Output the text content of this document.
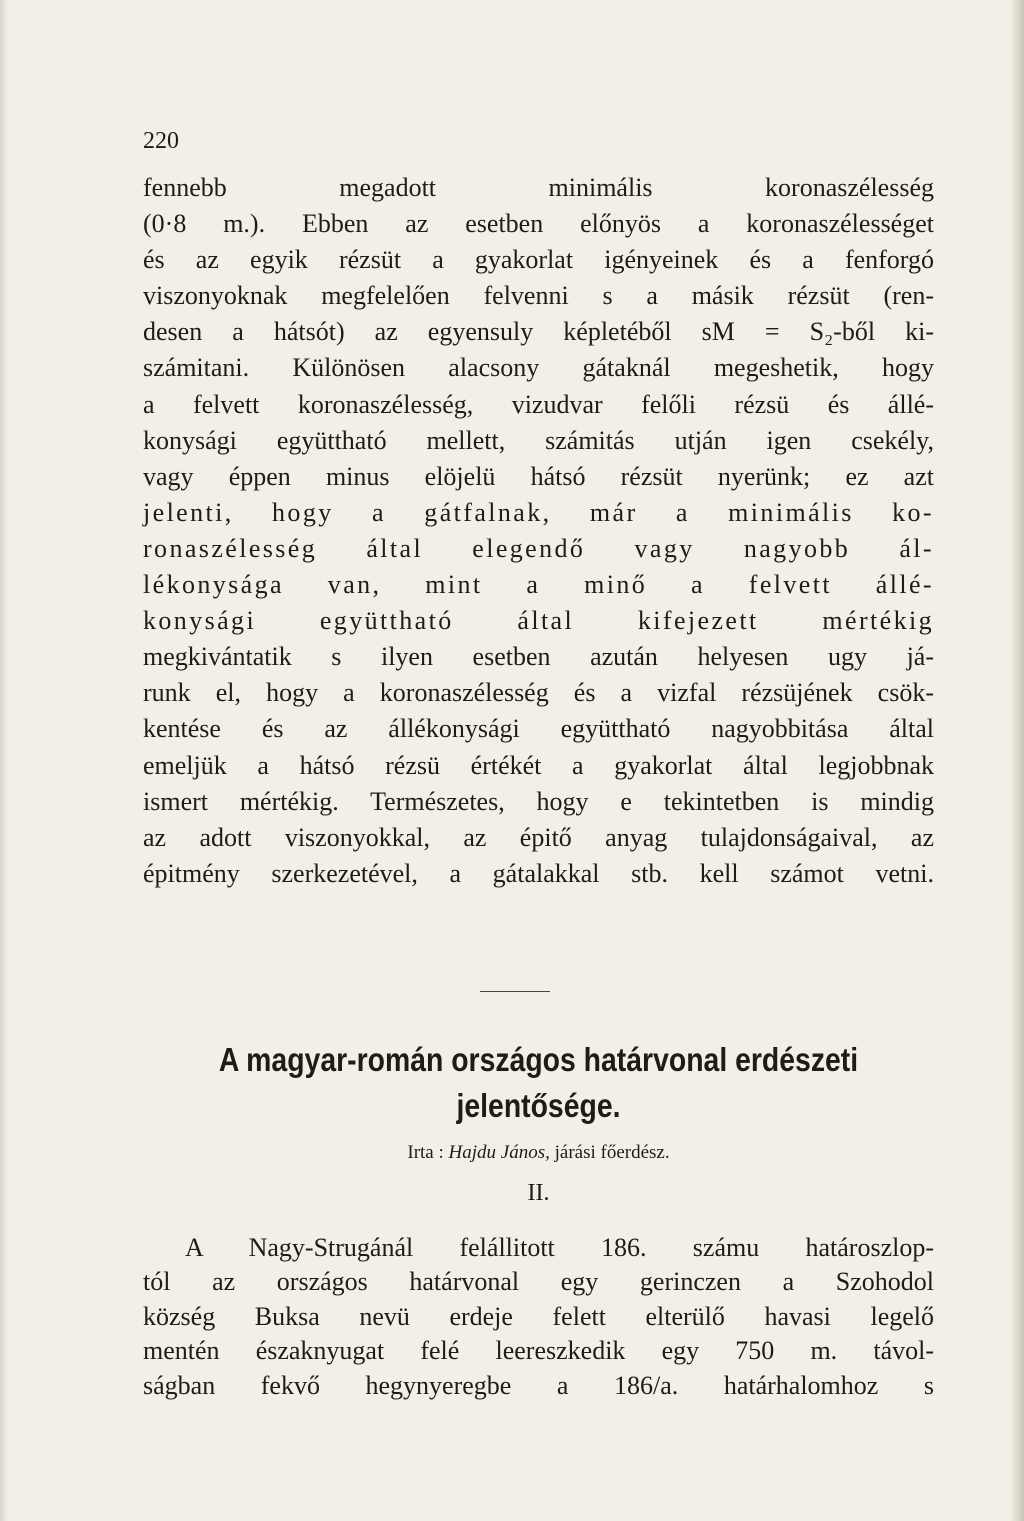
220
fennebb megadott minimális koronaszélesség
(0·8 m.). Ebben az esetben előnyös a koronaszélességet
és az egyik rézsüt a gyakorlat igényeinek és a fenforgó
viszonyoknak megfelelően felvenni s a másik rézsüt (ren-
desen a hátsót) az egyensuly képletéből sM = S₂-ből ki-
számitani. Különösen alacsony gátaknál megeshetik, hogy
a felvett koronaszélesség, vizudvar felőli rézsü és állé-
konysági együttható mellett, számitás utján igen csekély,
vagy éppen minus elöjelü hátsó rézsüt nyerünk; ez azt
jelenti, hogy a gátfalnak, már a minimális ko-
ronaszélesség által elegendő vagy nagyobb ál-
lékonysága van, mint a minő a felvett állé-
konysági együttható által kifejezett mértékig
megkivántatik s ilyen esetben azután helyesen ugy já-
runk el, hogy a koronaszélesség és a vizfal rézsüjének csök-
kentése és az állékonysági együttható nagyobbitása által
emeljük a hátsó rézsü értékét a gyakorlat által legjobbnak
ismert mértékig. Természetes, hogy e tekintetben is mindig
az adott viszonyokkal, az épitő anyag tulajdonságaival, az
épitmény szerkezetével, a gátalakkal stb. kell számot vetni.
A magyar-román országos határvonal erdészeti
jelentősége.
Irta : Hajdu János, járási főerdész.
II.
A Nagy-Strugánál felállitott 186. számu határoszlop-
tól az országos határvonal egy gerinczen a Szohodol
község Buksa nevü erdeje felett elterülő havasi legelő
mentén északnyugat felé leereszkedik egy 750 m. távol-
ságban fekvő hegynyeregbe a 186/a. határhalomhoz s
